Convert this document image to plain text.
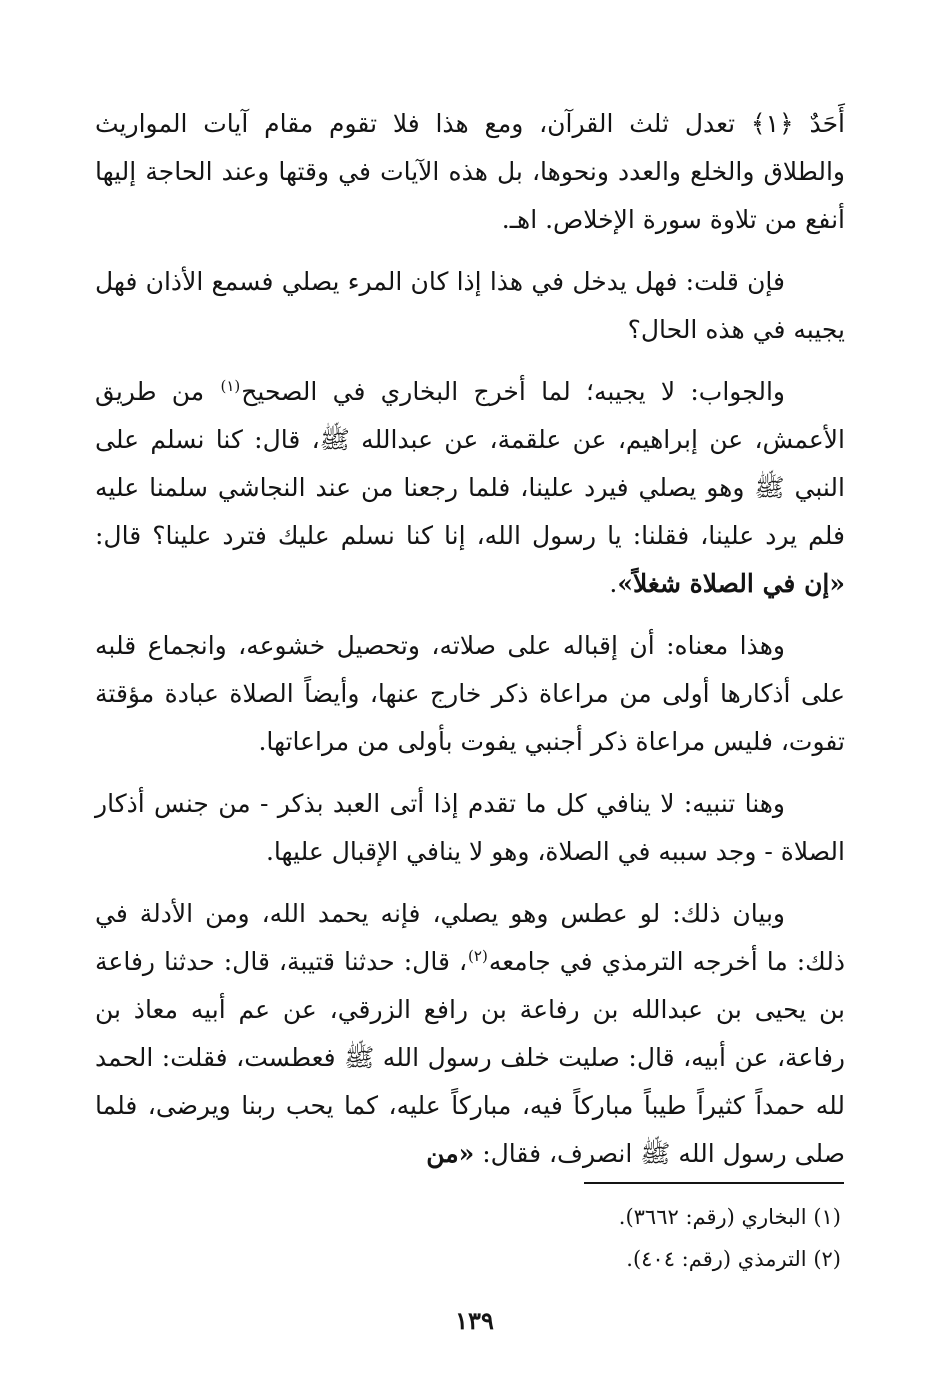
أَحَدٌ ﴿١﴾ تعدل ثلث القرآن، ومع هذا فلا تقوم مقام آيات المواريث والطلاق والخلع والعدد ونحوها، بل هذه الآيات في وقتها وعند الحاجة إليها أنفع من تلاوة سورة الإخلاص. اهـ.

فإن قلت: فهل يدخل في هذا إذا كان المرء يصلي فسمع الأذان فهل يجيبه في هذه الحال؟

والجواب: لا يجيبه؛ لما أخرج البخاري في الصحيح$^{(١)}$ من طريق الأعمش، عن إبراهيم، عن علقمة، عن عبدالله ﷺ، قال: كنا نسلم على النبي ﷺ وهو يصلي فيرد علينا، فلما رجعنا من عند النجاشي سلمنا عليه فلم يرد علينا، فقلنا: يا رسول الله، إنا كنا نسلم عليك فترد علينا؟ قال: «إن في الصلاة شغلاً».

وهذا معناه: أن إقباله على صلاته، وتحصيل خشوعه، وانجماع قلبه على أذكارها أولى من مراعاة ذكر خارج عنها، وأيضاً الصلاة عبادة مؤقتة تفوت، فليس مراعاة ذكر أجنبي يفوت بأولى من مراعاتها.

وهنا تنبيه: لا ينافي كل ما تقدم إذا أتى العبد بذكر - من جنس أذكار الصلاة - وجد سببه في الصلاة، وهو لا ينافي الإقبال عليها.

وبيان ذلك: لو عطس وهو يصلي، فإنه يحمد الله، ومن الأدلة في ذلك: ما أخرجه الترمذي في جامعه$^{(٢)}$، قال: حدثنا قتيبة، قال: حدثنا رفاعة بن يحيى بن عبدالله بن رفاعة بن رافع الزرقي، عن عم أبيه معاذ بن رفاعة، عن أبيه، قال: صليت خلف رسول الله ﷺ فعطست، فقلت: الحمد لله حمداً كثيراً طيباً مباركاً فيه، مباركاً عليه، كما يحب ربنا ويرضى، فلما صلى رسول الله ﷺ انصرف، فقال: «من

(١) البخاري (رقم: ٣٦٦٢).

(٢) الترمذي (رقم: ٤٠٤).

١٣٩
